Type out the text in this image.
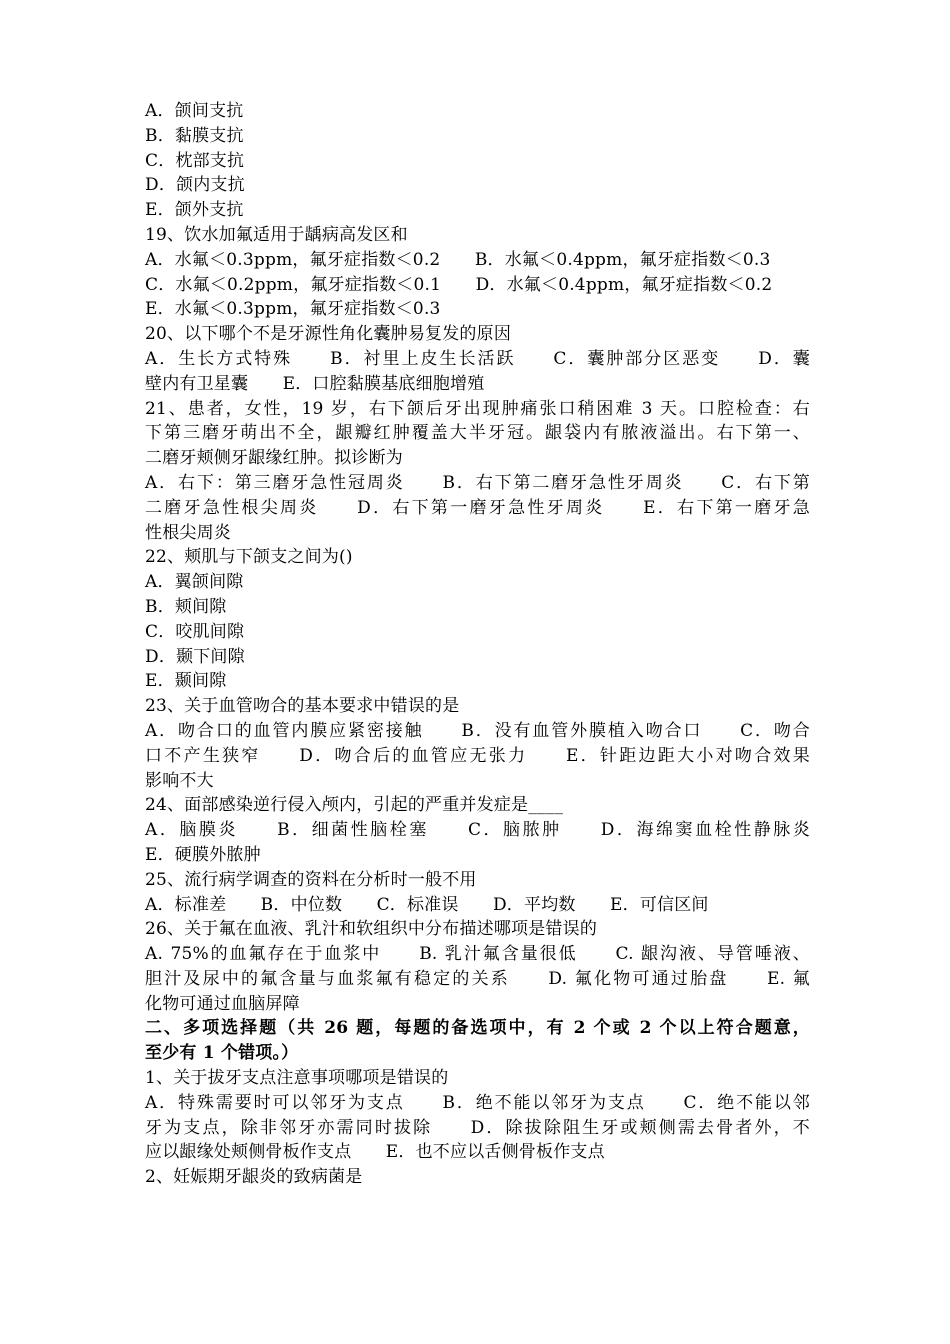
A．颌间支抗
B．黏膜支抗
C．枕部支抗
D．颌内支抗
E．颌外支抗
19、饮水加氟适用于龋病高发区和
A．水氟＜0.3ppm，氟牙症指数＜0.2　　B．水氟＜0.4ppm，氟牙症指数＜0.3
C．水氟＜0.2ppm，氟牙症指数＜0.1　　D．水氟＜0.4ppm，氟牙症指数＜0.2
E．水氟＜0.3ppm，氟牙症指数＜0.3
20、以下哪个不是牙源性角化囊肿易复发的原因
A．生长方式特殊　　B．衬里上皮生长活跃　　C．囊肿部分区恶变　　D．囊
壁内有卫星囊　　E．口腔黏膜基底细胞增殖
21、患者，女性，19 岁，右下颌后牙出现肿痛张口稍困难 3 天。口腔检查：右
下第三磨牙萌出不全，龈瓣红肿覆盖大半牙冠。龈袋内有脓液溢出。右下第一、
二磨牙颊侧牙龈缘红肿。拟诊断为
A．右下：第三磨牙急性冠周炎　　B．右下第二磨牙急性牙周炎　　C．右下第
二磨牙急性根尖周炎　　D．右下第一磨牙急性牙周炎　　E．右下第一磨牙急
性根尖周炎
22、颊肌与下颌支之间为()
A．翼颌间隙
B．颊间隙
C．咬肌间隙
D．颞下间隙
E．颞间隙
23、关于血管吻合的基本要求中错误的是
A．吻合口的血管内膜应紧密接触　　B．没有血管外膜植入吻合口　　C．吻合
口不产生狭窄　　D．吻合后的血管应无张力　　E．针距边距大小对吻合效果
影响不大
24、面部感染逆行侵入颅内，引起的严重并发症是____
A．脑膜炎　　B．细菌性脑栓塞　　C．脑脓肿　　D．海绵窦血栓性静脉炎
E．硬膜外脓肿
25、流行病学调查的资料在分析时一般不用
A．标准差　　B．中位数　　C．标准误　　D．平均数　　E．可信区间
26、关于氟在血液、乳汁和软组织中分布描述哪项是错误的
A. 75%的血氟存在于血浆中　　B. 乳汁氟含量很低　　C. 龈沟液、导管唾液、
胆汁及尿中的氟含量与血浆氟有稳定的关系　　D. 氟化物可通过胎盘　　E. 氟
化物可通过血脑屏障
二、多项选择题（共 26 题，每题的备选项中，有 2 个或 2 个以上符合题意，
至少有 1 个错项。）
1、关于拔牙支点注意事项哪项是错误的
A．特殊需要时可以邻牙为支点　　B．绝不能以邻牙为支点　　C．绝不能以邻
牙为支点，除非邻牙亦需同时拔除　　D．除拔除阻生牙或颊侧需去骨者外，不
应以龈缘处颊侧骨板作支点　　E．也不应以舌侧骨板作支点
2、妊娠期牙龈炎的致病菌是
